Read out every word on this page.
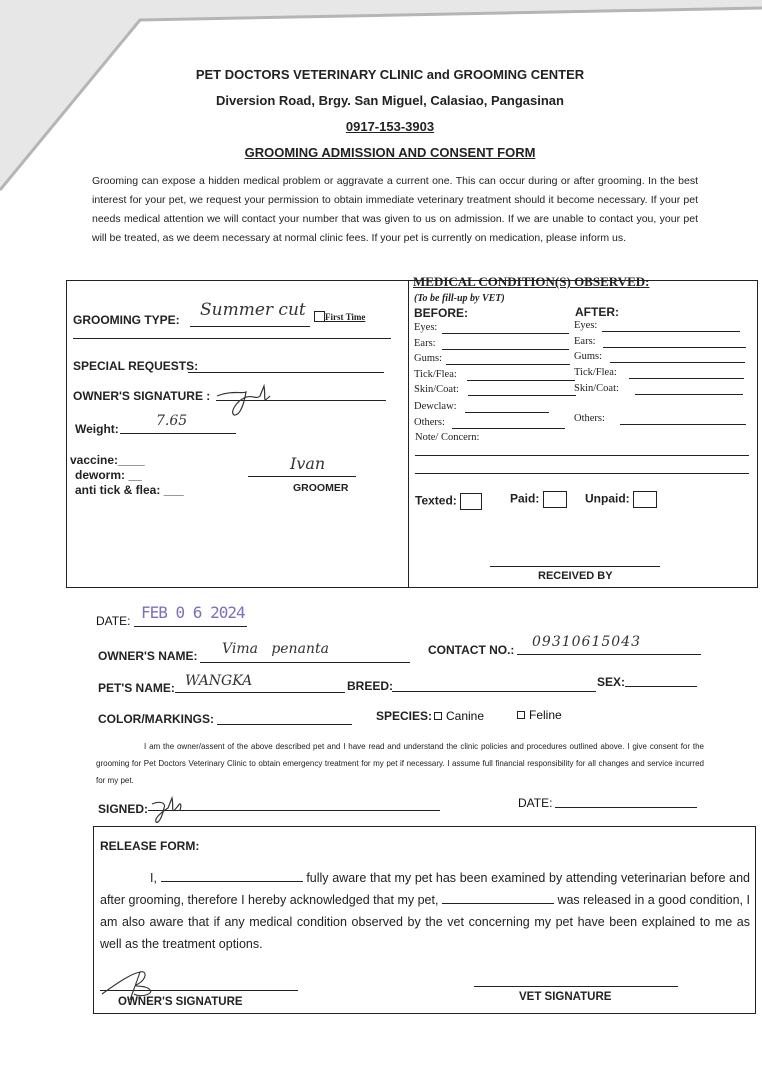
PET DOCTORS VETERINARY CLINIC and GROOMING CENTER
Diversion Road, Brgy. San Miguel, Calasiao, Pangasinan
0917-153-3903
GROOMING ADMISSION AND CONSENT FORM
Grooming can expose a hidden medical problem or aggravate a current one. This can occur during or after grooming. In the best interest for your pet, we request your permission to obtain immediate veterinary treatment should it become necessary. If your pet needs medical attention we will contact your number that was given to us on admission. If we are unable to contact you, your pet will be treated, as we deem necessary at normal clinic fees. If your pet is currently on medication, please inform us.
GROOMING TYPE: Summer cut First Time
SPECIAL REQUESTS:
OWNER'S SIGNATURE :
Weight:	7.65
vaccine:____
deworm: __
anti tick & flea: ___
Ivan
GROOMER
MEDICAL CONDITION(S) OBSERVED:
(To be fill-up by VET)
BEFORE:	AFTER:
Eyes:
Ears:
Gums:
Tick/Flea:
Skin/Coat:
Dewclaw:
Others:
Eyes:
Ears:
Gums:
Tick/Flea:
Skin/Coat:
Others:
Note/ Concern:
Texted:	Paid:	Unpaid:
RECEIVED BY
DATE: FEB 0 6 2024
OWNER'S NAME: Vima   penanta	CONTACT NO.: 09310615043
PET'S NAME: WANGKA	BREED:	SEX:
COLOR/MARKINGS:	SPECIES:	Canine	Feline
I am the owner/assent of the above described pet and I have read and understand the clinic policies and procedures outlined above. I give consent for the grooming for Pet Doctors Veterinary Clinic to obtain emergency treatment for my pet if necessary. I assume full financial responsibility for all changes and service incurred for my pet.
SIGNED:	DATE:
RELEASE FORM:
I,	fully aware that my pet has been examined by attending veterinarian before and after grooming, therefore I hereby acknowledged that my pet,	was released in a good condition, I am also aware that if any medical condition observed by the vet concerning my pet have been explained to me as well as the treatment options.
OWNER'S SIGNATURE	VET SIGNATURE
